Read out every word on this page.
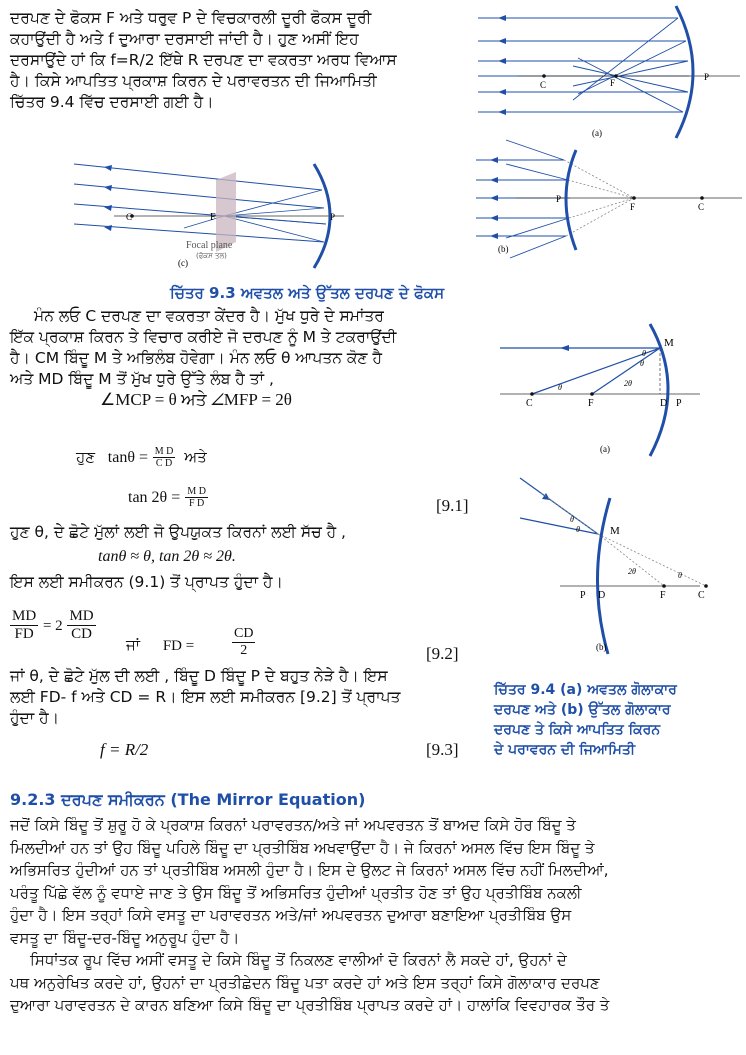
ਦਰਪਣ ਦੇ ਫੋਕਸ F ਅਤੇ ਧਰੁਵ P ਦੇ ਵਿਚਕਾਰਲੀ ਦੂਰੀ ਫੋਕਸ ਦੂਰੀ
ਕਹਾਉਂਦੀ ਹੈ ਅਤੇ f ਦੁਆਰਾ ਦਰਸਾਈ ਜਾਂਦੀ ਹੈ। ਹੁਣ ਅਸੀਂ ਇਹ
ਦਰਸਾਉਂਦੇ ਹਾਂ ਕਿ f=R/2 ਇੱਥੇ R ਦਰਪਣ ਦਾ ਵਕਰਤਾ ਅਰਧ ਵਿਆਸ
ਹੈ। ਕਿਸੇ ਆਪਤਿਤ ਪ੍ਰਕਾਸ਼ ਕਿਰਨ ਦੇ ਪਰਾਵਰਤਨ ਦੀ ਜਿਆਮਿਤੀ
ਚਿੱਤਰ 9.4 ਵਿੱਚ ਦਰਸਾਈ ਗਈ ਹੈ।
C	F
P
(a)
P
F	C
(b)
C	F	P
Focal plane
(ਫੋਕਸ ਤਲ)
(c)
ਚਿੱਤਰ 9.3 ਅਵਤਲ ਅਤੇ ਉੱਤਲ ਦਰਪਣ ਦੇ ਫੋਕਸ
ਮੰਨ ਲਓ C ਦਰਪਣ ਦਾ ਵਕਰਤਾ ਕੇਂਦਰ ਹੈ। ਮੁੱਖ ਧੁਰੇ ਦੇ ਸਮਾਂਤਰ
ਇੱਕ ਪ੍ਰਕਾਸ਼ ਕਿਰਨ ਤੇ ਵਿਚਾਰ ਕਰੀਏ ਜੋ ਦਰਪਣ ਨੂੰ M ਤੇ ਟਕਰਾਉਂਦੀ
ਹੈ। CM ਬਿੰਦੂ M ਤੇ ਅਭਿਲੰਬ ਹੋਵੇਗਾ। ਮੰਨ ਲਓ θ ਆਪਤਨ ਕੋਣ ਹੈ
ਅਤੇ MD ਬਿੰਦੂ M ਤੋਂ ਮੁੱਖ ਧੁਰੇ ਉੱਤੇ ਲੰਬ ਹੈ ਤਾਂ ,
∠MCP = θ ਅਤੇ ∠MFP = 2θ
ਹੁਣ $\tan\theta = \frac{\text{M D}}{\text{C D}}$ ਅਤੇ
$\tan 2\theta = \frac{\text{M D}}{\text{F D}}$	[9.1]
ਹੁਣ θ, ਦੇ ਛੋਟੇ ਮੁੱਲਾਂ ਲਈ ਜੋ ਉਪਯੁਕਤ ਕਿਰਨਾਂ ਲਈ ਸੱਚ ਹੈ ,
tanθ ≈ θ, tan 2θ ≈ 2θ.
ਇਸ ਲਈ ਸਮੀਕਰਨ (9.1) ਤੋਂ ਪ੍ਰਾਪਤ ਹੁੰਦਾ ਹੈ।
$\frac{MD}{FD} = 2 \frac{MD}{CD}$
ਜਾਂ FD =	$\frac{CD}{2}$	[9.2]
ਜਾਂ θ, ਦੇ ਛੋਟੇ ਮੁੱਲ ਦੀ ਲਈ , ਬਿੰਦੂ D ਬਿੰਦੂ P ਦੇ ਬਹੁਤ ਨੇੜੇ ਹੈ। ਇਸ
ਲਈ FD- f ਅਤੇ CD = R। ਇਸ ਲਈ ਸਮੀਕਰਨ [9.2] ਤੋਂ ਪ੍ਰਾਪਤ
ਹੁੰਦਾ ਹੈ।
f = R/2	[9.3]
M
C	F	D P
θ
θ
θ	2θ
(a)
M
P D	F	C
2θ	θ
θ
θ
(b)
ਚਿੱਤਰ 9.4 (a) ਅਵਤਲ ਗੋਲਾਕਾਰ
ਦਰਪਣ ਅਤੇ (b) ਉੱਤਲ ਗੋਲਾਕਾਰ
ਦਰਪਣ ਤੇ ਕਿਸੇ ਆਪਤਿਤ ਕਿਰਨ
ਦੇ ਪਰਾਵਰਨ ਦੀ ਜਿਆਮਿਤੀ
9.2.3 ਦਰਪਣ ਸਮੀਕਰਨ (The Mirror Equation)
ਜਦੋਂ ਕਿਸੇ ਬਿੰਦੂ ਤੋਂ ਸ਼ੁਰੂ ਹੋ ਕੇ ਪ੍ਰਕਾਸ਼ ਕਿਰਨਾਂ ਪਰਾਵਰਤਨ/ਅਤੇ ਜਾਂ ਅਪਵਰਤਨ ਤੋਂ ਬਾਅਦ ਕਿਸੇ ਹੋਰ ਬਿੰਦੂ ਤੇ
ਮਿਲਦੀਆਂ ਹਨ ਤਾਂ ਉਹ ਬਿੰਦੂ ਪਹਿਲੇ ਬਿੰਦੂ ਦਾ ਪ੍ਰਤੀਬਿੰਬ ਅਖਵਾਉਂਦਾ ਹੈ। ਜੇ ਕਿਰਨਾਂ ਅਸਲ ਵਿੱਚ ਇਸ ਬਿੰਦੂ ਤੇ
ਅਭਿਸਰਿਤ ਹੁੰਦੀਆਂ ਹਨ ਤਾਂ ਪ੍ਰਤੀਬਿੰਬ ਅਸਲੀ ਹੁੰਦਾ ਹੈ। ਇਸ ਦੇ ਉਲਟ ਜੇ ਕਿਰਨਾਂ ਅਸਲ ਵਿੱਚ ਨਹੀਂ ਮਿਲਦੀਆਂ,
ਪਰੰਤੂ ਪਿੱਛੇ ਵੱਲ ਨੂੰ ਵਧਾਏ ਜਾਣ ਤੇ ਉਸ ਬਿੰਦੂ ਤੋਂ ਅਭਿਸਰਿਤ ਹੁੰਦੀਆਂ ਪ੍ਰਤੀਤ ਹੋਣ ਤਾਂ ਉਹ ਪ੍ਰਤੀਬਿੰਬ ਨਕਲੀ
ਹੁੰਦਾ ਹੈ। ਇਸ ਤਰ੍ਹਾਂ ਕਿਸੇ ਵਸਤੂ ਦਾ ਪਰਾਵਰਤਨ ਅਤੇ/ਜਾਂ ਅਪਵਰਤਨ ਦੁਆਰਾ ਬਣਾਇਆ ਪ੍ਰਤੀਬਿੰਬ ਉਸ
ਵਸਤੂ ਦਾ ਬਿੰਦੂ-ਦਰ-ਬਿੰਦੂ ਅਨੁਰੂਪ ਹੁੰਦਾ ਹੈ।
ਸਿਧਾਂਤਕ ਰੂਪ ਵਿੱਚ ਅਸੀਂ ਵਸਤੂ ਦੇ ਕਿਸੇ ਬਿੰਦੂ ਤੋਂ ਨਿਕਲਣ ਵਾਲੀਆਂ ਦੋ ਕਿਰਨਾਂ ਲੈ ਸਕਦੇ ਹਾਂ, ਉਹਨਾਂ ਦੇ
ਪਥ ਅਨੁਰੇਖਿਤ ਕਰਦੇ ਹਾਂ, ਉਹਨਾਂ ਦਾ ਪ੍ਰਤੀਛੇਦਨ ਬਿੰਦੂ ਪਤਾ ਕਰਦੇ ਹਾਂ ਅਤੇ ਇਸ ਤਰ੍ਹਾਂ ਕਿਸੇ ਗੋਲਾਕਾਰ ਦਰਪਣ
ਦੁਆਰਾ ਪਰਾਵਰਤਨ ਦੇ ਕਾਰਨ ਬਣਿਆ ਕਿਸੇ ਬਿੰਦੂ ਦਾ ਪ੍ਰਤੀਬਿੰਬ ਪ੍ਰਾਪਤ ਕਰਦੇ ਹਾਂ। ਹਾਲਾਂਕਿ ਵਿਵਹਾਰਕ ਤੌਰ ਤੇ
